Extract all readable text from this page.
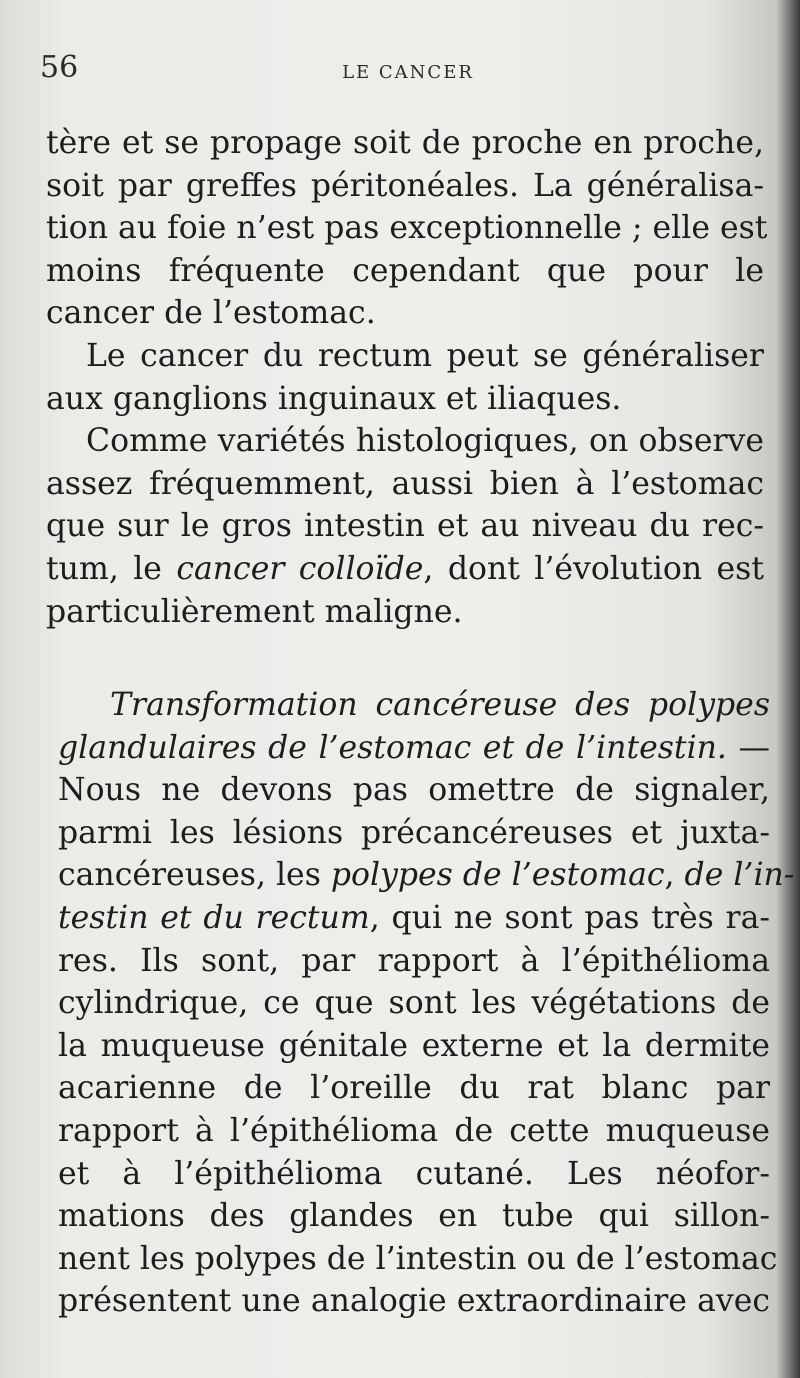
56	LE CANCER
tère et se propage soit de proche en proche,
soit par greffes péritonéales. La généralisa-
tion au foie n’est pas exceptionnelle ; elle est
moins fréquente cependant que pour le
cancer de l’estomac.
Le cancer du rectum peut se généraliser
aux ganglions inguinaux et iliaques.
Comme variétés histologiques, on observe
assez fréquemment, aussi bien à l’estomac
que sur le gros intestin et au niveau du rec-
tum, le cancer colloïde, dont l’évolution est
particulièrement maligne.
Transformation cancéreuse des polypes
glandulaires de l’estomac et de l’intestin. —
Nous ne devons pas omettre de signaler,
parmi les lésions précancéreuses et juxta-
cancéreuses, les polypes de l’estomac, de l’in-
testin et du rectum, qui ne sont pas très ra-
res. Ils sont, par rapport à l’épithélioma
cylindrique, ce que sont les végétations de
la muqueuse génitale externe et la dermite
acarienne de l’oreille du rat blanc par
rapport à l’épithélioma de cette muqueuse
et à l’épithélioma cutané. Les néofor-
mations des glandes en tube qui sillon-
nent les polypes de l’intestin ou de l’estomac
présentent une analogie extraordinaire avec
